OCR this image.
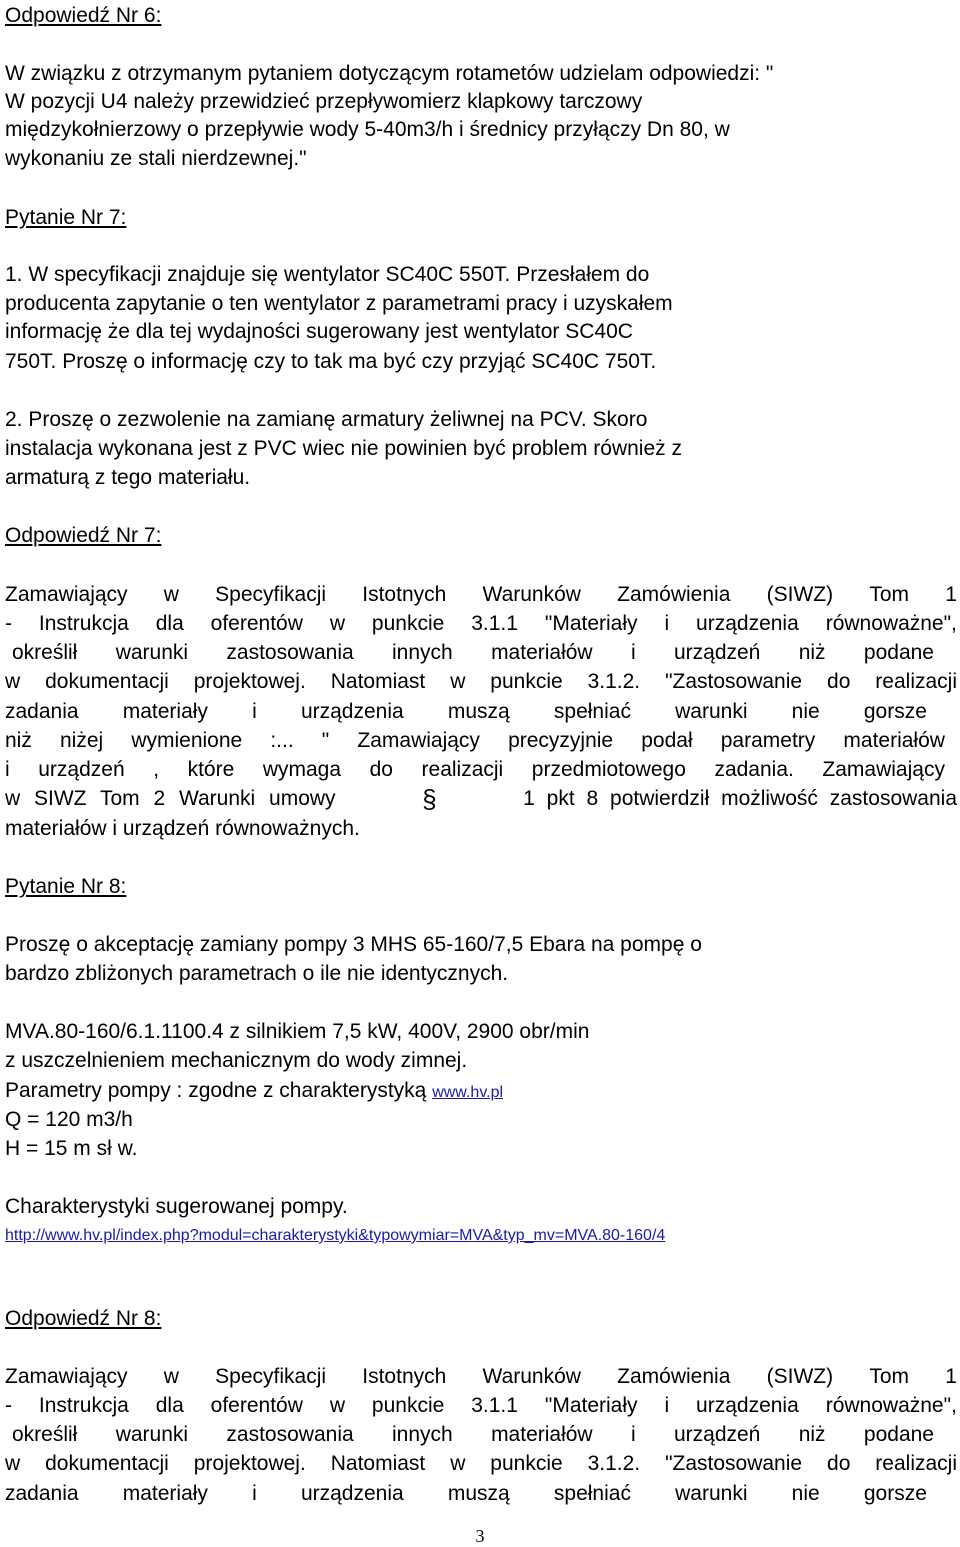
Odpowiedź Nr 6:
W związku z otrzymanym pytaniem dotyczącym rotametów udzielam odpowiedzi: "
W pozycji U4 należy przewidzieć przepływomierz klapkowy tarczowy
międzykołnierzowy o przepływie wody 5-40m3/h i średnicy przyłączy Dn 80, w
wykonaniu ze stali nierdzewnej."
Pytanie Nr 7:
1. W specyfikacji znajduje się wentylator SC40C 550T. Przesłałem do
producenta zapytanie o ten wentylator z parametrami pracy i uzyskałem
informację że dla tej wydajności sugerowany jest wentylator SC40C
750T. Proszę o informację czy to tak ma być czy przyjąć SC40C 750T.
2. Proszę o zezwolenie na zamianę armatury żeliwnej na PCV. Skoro
instalacja wykonana jest z PVC wiec nie powinien być problem również z
armaturą z tego materiału.
Odpowiedź Nr 7:
Zamawiający w Specyfikacji Istotnych Warunków Zamówienia (SIWZ) Tom 1
- Instrukcja dla oferentów w punkcie 3.1.1 "Materiały i urządzenia równoważne",
określił warunki zastosowania innych materiałów i urządzeń niż podane
w dokumentacji projektowej. Natomiast w punkcie 3.1.2. "Zastosowanie do realizacji
zadania materiały i urządzenia muszą spełniać warunki nie gorsze
niż niżej wymienione :... " Zamawiający precyzyjnie podał parametry materiałów
i urządzeń , które wymaga do realizacji przedmiotowego zadania. Zamawiający
w SIWZ Tom 2 Warunki umowy	§	1 pkt 8 potwierdził możliwość zastosowania
materiałów i urządzeń równoważnych.
Pytanie Nr 8:
Proszę o akceptację zamiany pompy 3 MHS 65-160/7,5 Ebara na pompę o
bardzo zbliżonych parametrach o ile nie identycznych.
MVA.80-160/6.1.1100.4 z silnikiem 7,5 kW, 400V, 2900 obr/min
z uszczelnieniem mechanicznym do wody zimnej.
Parametry pompy : zgodne z charakterystyką www.hv.pl
Q = 120 m3/h
H = 15 m sł w.
Charakterystyki sugerowanej pompy.
http://www.hv.pl/index.php?modul=charakterystyki&typowymiar=MVA&typ_mv=MVA.80-160/4
Odpowiedź Nr 8:
Zamawiający w Specyfikacji Istotnych Warunków Zamówienia (SIWZ) Tom 1
- Instrukcja dla oferentów w punkcie 3.1.1 "Materiały i urządzenia równoważne",
określił warunki zastosowania innych materiałów i urządzeń niż podane
w dokumentacji projektowej. Natomiast w punkcie 3.1.2. "Zastosowanie do realizacji
zadania materiały i urządzenia muszą spełniać warunki nie gorsze
3
